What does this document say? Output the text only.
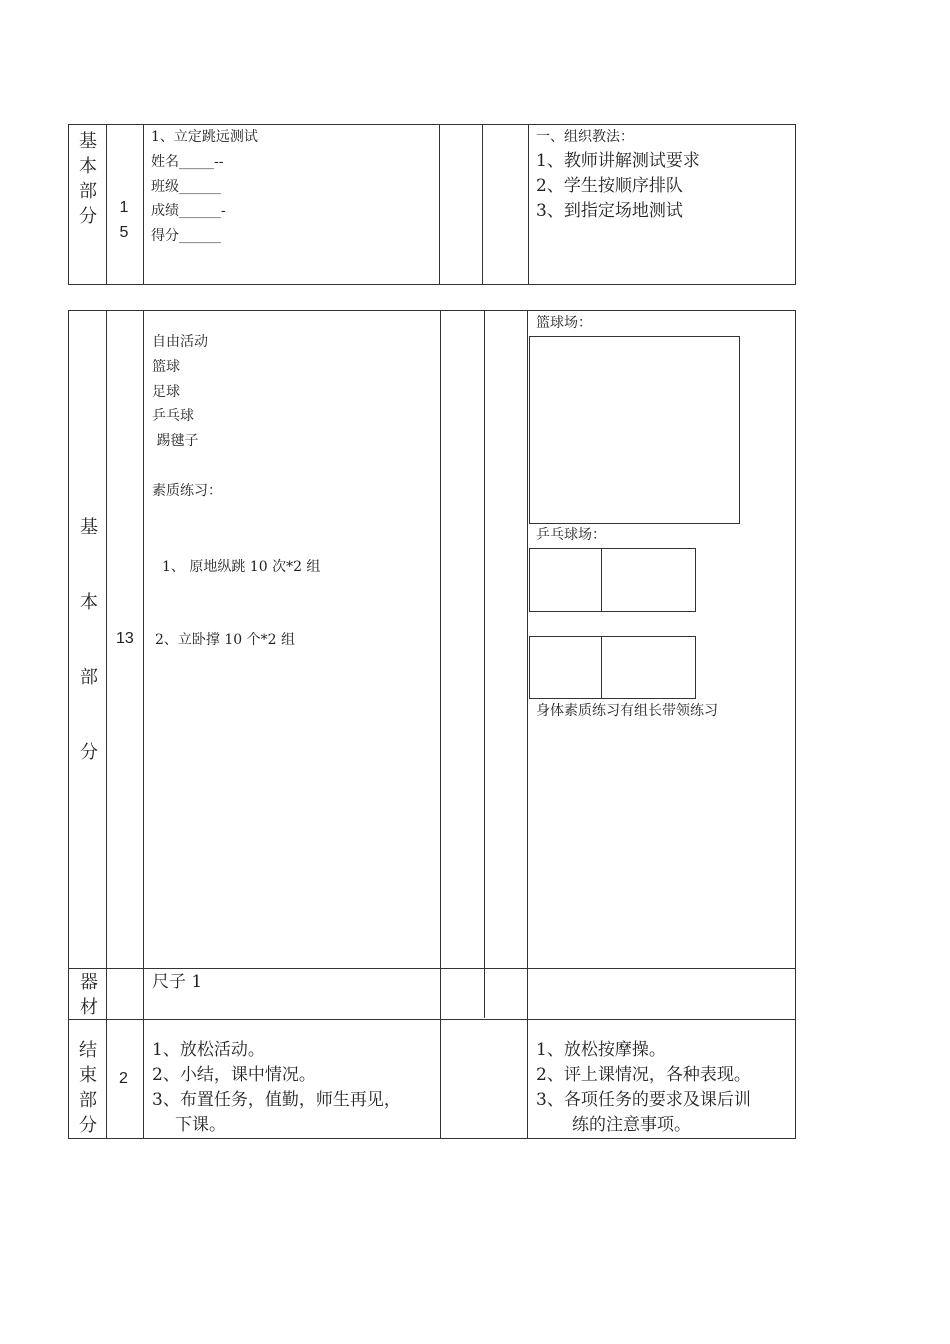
基
本
部
分	1
5
1、立定跳远测试
姓名_____--
班级______
成绩______-
得分______
一、组织教法：
1、教师讲解测试要求
2、学生按顺序排队
3、到指定场地测试
基
本
部
分
13
自由活动
篮球
足球
乒乓球
踢毽子
素质练习：
1、 原地纵跳 10 次*2 组
2、立卧撑 10 个*2 组
篮球场：
乒乓球场：
身体素质练习有组长带领练习
器
材
尺子 1
结
束
部
分
2
1、放松活动。
2、小结，课中情况。
3、布置任务，值勤，师生再见，
下课。
1、放松按摩操。
2、评上课情况，各种表现。
3、各项任务的要求及课后训
练的注意事项。
